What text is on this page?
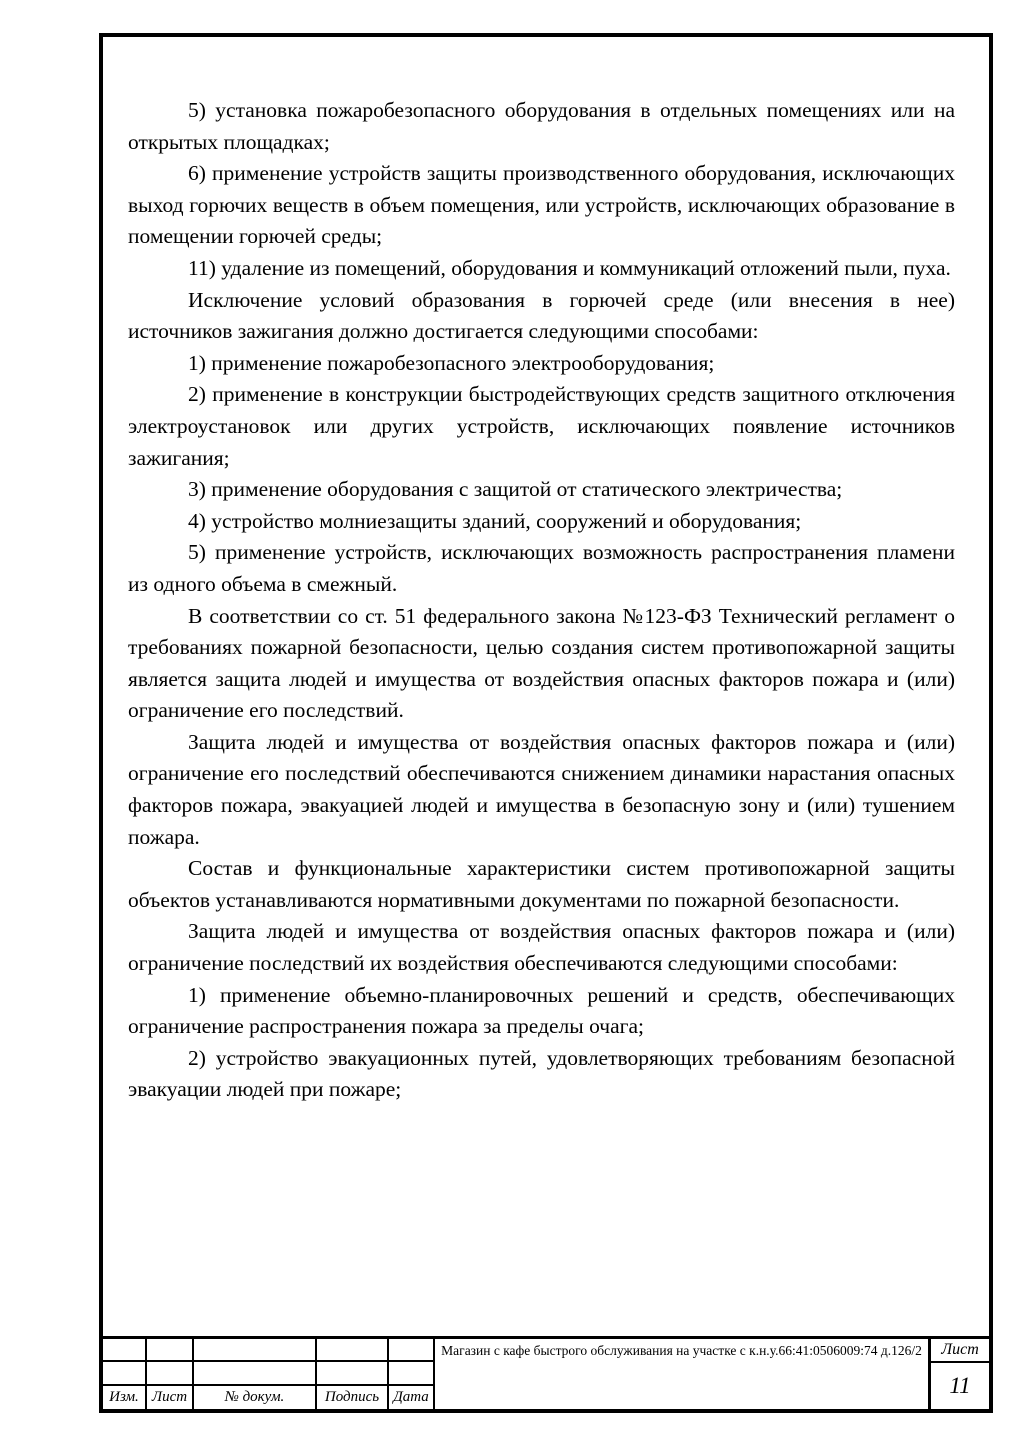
5) установка пожаробезопасного оборудования в отдельных помещениях или на открытых площадках;

6) применение устройств защиты производственного оборудования, исключающих выход горючих веществ в объем помещения, или устройств, исключающих образование в помещении горючей среды;

11) удаление из помещений, оборудования и коммуникаций отложений пыли, пуха.

Исключение условий образования в горючей среде (или внесения в нее) источников зажигания должно достигается следующими способами:

1) применение пожаробезопасного электрооборудования;

2) применение в конструкции быстродействующих средств защитного отключения электроустановок или других устройств, исключающих появление источников зажигания;

3) применение оборудования с защитой от статического электричества;

4) устройство молниезащиты зданий, сооружений и оборудования;

5) применение устройств, исключающих возможность распространения пламени из одного объема в смежный.

В соответствии со ст. 51 федерального закона №123-ФЗ Технический регламент о требованиях пожарной безопасности, целью создания систем противопожарной защиты является защита людей и имущества от воздействия опасных факторов пожара и (или) ограничение его последствий.

Защита людей и имущества от воздействия опасных факторов пожара и (или) ограничение его последствий обеспечиваются снижением динамики нарастания опасных факторов пожара, эвакуацией людей и имущества в безопасную зону и (или) тушением пожара.

Состав и функциональные характеристики систем противопожарной защиты объектов устанавливаются нормативными документами по пожарной безопасности.

Защита людей и имущества от воздействия опасных факторов пожара и (или) ограничение последствий их воздействия обеспечиваются следующими способами:

1) применение объемно-планировочных решений и средств, обеспечивающих ограничение распространения пожара за пределы очага;

2) устройство эвакуационных путей, удовлетворяющих требованиям безопасной эвакуации людей при пожаре;

Изм. Лист	№ докум.	Подпись Дата
Магазин с кафе быстрого обслуживания на участке с к.н.у.66:41:0506009:74 д.126/2	Лист
11
